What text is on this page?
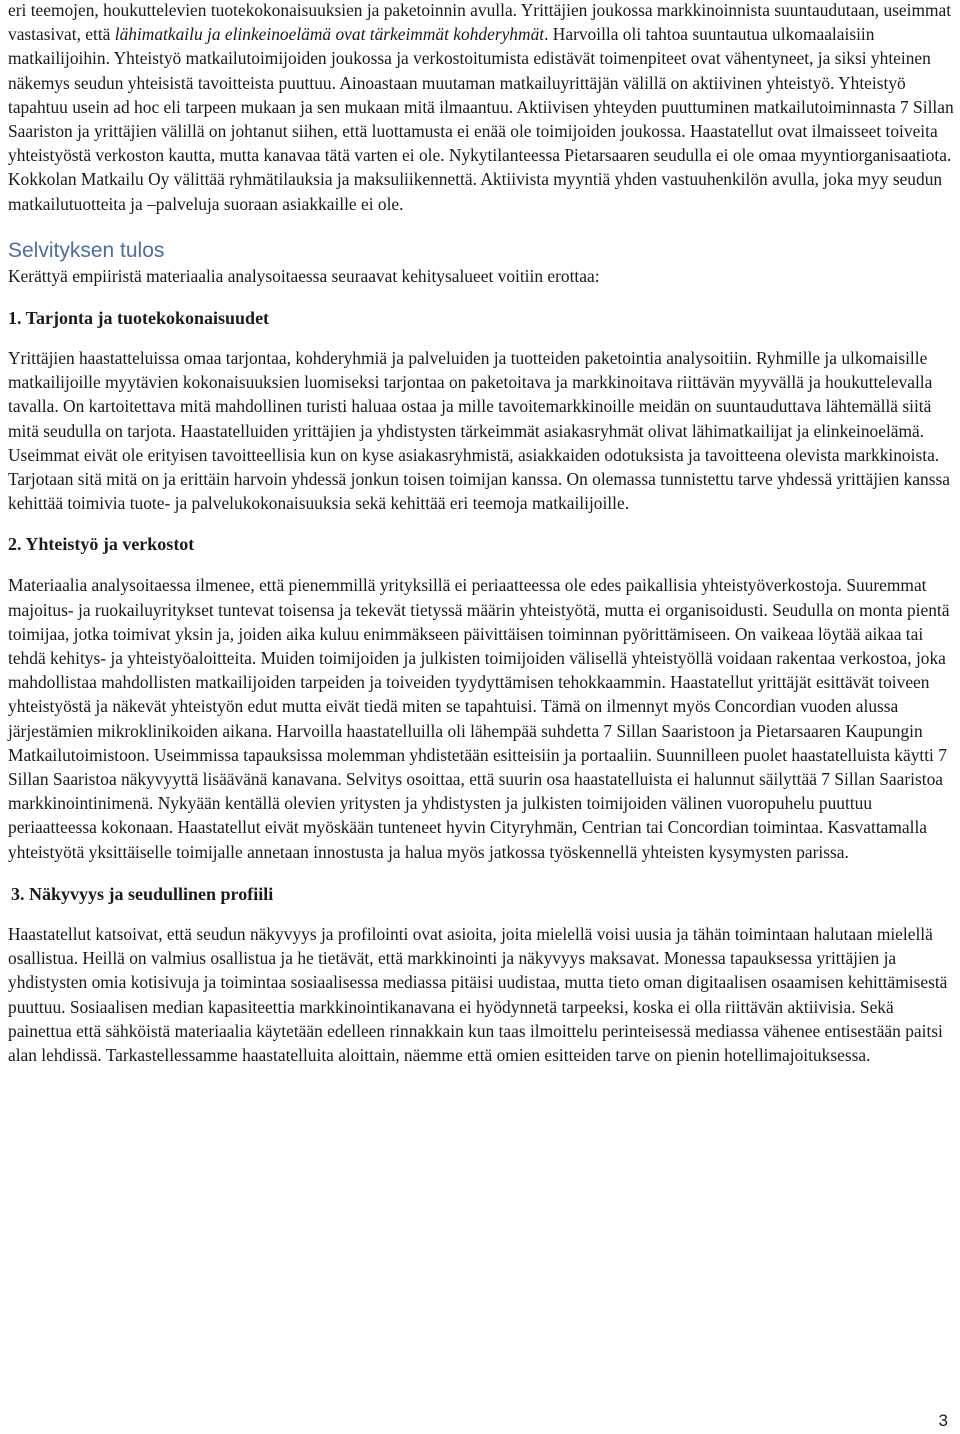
eri teemojen, houkuttelevien tuotekokonaisuuksien ja paketoinnin avulla. Yrittäjien joukossa markkinoinnista suuntaudutaan, useimmat vastasivat, että lähimatkailu ja elinkeinoelämä ovat tärkeimmät kohderyhmät. Harvoilla oli tahtoa suuntautua ulkomaalaisiin matkailijoihin. Yhteistyö matkailutoimijoiden joukossa ja verkostoitumista edistävät toimenpiteet ovat vähentyneet, ja siksi yhteinen näkemys seudun yhteisistä tavoitteista puuttuu. Ainoastaan muutaman matkailuyrittäjän välillä on aktiivinen yhteistyö. Yhteistyö tapahtuu usein ad hoc eli tarpeen mukaan ja sen mukaan mitä ilmaantuu. Aktiivisen yhteyden puuttuminen matkailutoiminnasta 7 Sillan Saariston ja yrittäjien välillä on johtanut siihen, että luottamusta ei enää ole toimijoiden joukossa. Haastatellut ovat ilmaisseet toiveita yhteistyöstä verkoston kautta, mutta kanavaa tätä varten ei ole. Nykytilanteessa Pietarsaaren seudulla ei ole omaa myyntiorganisaatiota. Kokkolan Matkailu Oy välittää ryhmätilauksia ja maksuliikennettä. Aktiivista myyntiä yhden vastuuhenkilön avulla, joka myy seudun matkailutuotteita ja –palveluja suoraan asiakkaille ei ole.

Selvityksen tulos

Kerättyä empiiristä materiaalia analysoitaessa seuraavat kehitysalueet voitiin erottaa:

1. Tarjonta ja tuotekokonaisuudet

Yrittäjien haastatteluissa omaa tarjontaa, kohderyhmiä ja palveluiden ja tuotteiden paketointia analysoitiin. Ryhmille ja ulkomaisille matkailijoille myytävien kokonaisuuksien luomiseksi tarjontaa on paketoitava ja markkinoitava riittävän myyvällä ja houkuttelevalla tavalla. On kartoitettava mitä mahdollinen turisti haluaa ostaa ja mille tavoitemarkkinoille meidän on suuntauduttava lähtemällä siitä mitä seudulla on tarjota. Haastatelluiden yrittäjien ja yhdistysten tärkeimmät asiakasryhmät olivat lähimatkailijat ja elinkeinoelämä. Useimmat eivät ole erityisen tavoitteellisia kun on kyse asiakasryhmistä, asiakkaiden odotuksista ja tavoitteena olevista markkinoista. Tarjotaan sitä mitä on ja erittäin harvoin yhdessä jonkun toisen toimijan kanssa. On olemassa tunnistettu tarve yhdessä yrittäjien kanssa kehittää toimivia tuote- ja palvelukokonaisuuksia sekä kehittää eri teemoja matkailijoille.

2. Yhteistyö ja verkostot

Materiaalia analysoitaessa ilmenee, että pienemmillä yrityksillä ei periaatteessa ole edes paikallisia yhteistyöverkostoja. Suuremmat majoitus- ja ruokailuyritykset tuntevat toisensa ja tekevät tietyssä määrin yhteistyötä, mutta ei organisoidusti. Seudulla on monta pientä toimijaa, jotka toimivat yksin ja, joiden aika kuluu enimmäkseen päivittäisen toiminnan pyörittämiseen. On vaikeaa löytää aikaa tai tehdä kehitys- ja yhteistyöaloitteita. Muiden toimijoiden ja julkisten toimijoiden välisellä yhteistyöllä voidaan rakentaa verkostoa, joka mahdollistaa mahdollisten matkailijoiden tarpeiden ja toiveiden tyydyttämisen tehokkaammin. Haastatellut yrittäjät esittävät toiveen yhteistyöstä ja näkevät yhteistyön edut mutta eivät tiedä miten se tapahtuisi. Tämä on ilmennyt myös Concordian vuoden alussa järjestämien mikroklinikoiden aikana. Harvoilla haastatelluilla oli lähempää suhdetta 7 Sillan Saaristoon ja Pietarsaaren Kaupungin Matkailutoimistoon. Useimmissa tapauksissa molemman yhdistetään esitteisiin ja portaaliin. Suunnilleen puolet haastatelluista käytti 7 Sillan Saaristoa näkyvyyttä lisäävänä kanavana. Selvitys osoittaa, että suurin osa haastatelluista ei halunnut säilyttää 7 Sillan Saaristoa markkinointinimenä. Nykyään kentällä olevien yritysten ja yhdistysten ja julkisten toimijoiden välinen vuoropuhelu puuttuu periaatteessa kokonaan. Haastatellut eivät myöskään tunteneet hyvin Cityryhmän, Centrian tai Concordian toimintaa. Kasvattamalla yhteistyötä yksittäiselle toimijalle annetaan innostusta ja halua myös jatkossa työskennellä yhteisten kysymysten parissa.

3. Näkyvyys ja seudullinen profiili

Haastatellut katsoivat, että seudun näkyvyys ja profilointi ovat asioita, joita mielellä voisi uusia ja tähän toimintaan halutaan mielellä osallistua. Heillä on valmius osallistua ja he tietävät, että markkinointi ja näkyvyys maksavat. Monessa tapauksessa yrittäjien ja yhdistysten omia kotisivuja ja toimintaa sosiaalisessa mediassa pitäisi uudistaa, mutta tieto oman digitaalisen osaamisen kehittämisestä puuttuu. Sosiaalisen median kapasiteettia markkinointikanavana ei hyödynnetä tarpeeksi, koska ei olla riittävän aktiivisia. Sekä painettua että sähköistä materiaalia käytetään edelleen rinnakkain kun taas ilmoittelu perinteisessä mediassa vähenee entisestään paitsi alan lehdissä. Tarkastellessamme haastatelluita aloittain, näemme että omien esitteiden tarve on pienin hotellimajoituksessa.

3
